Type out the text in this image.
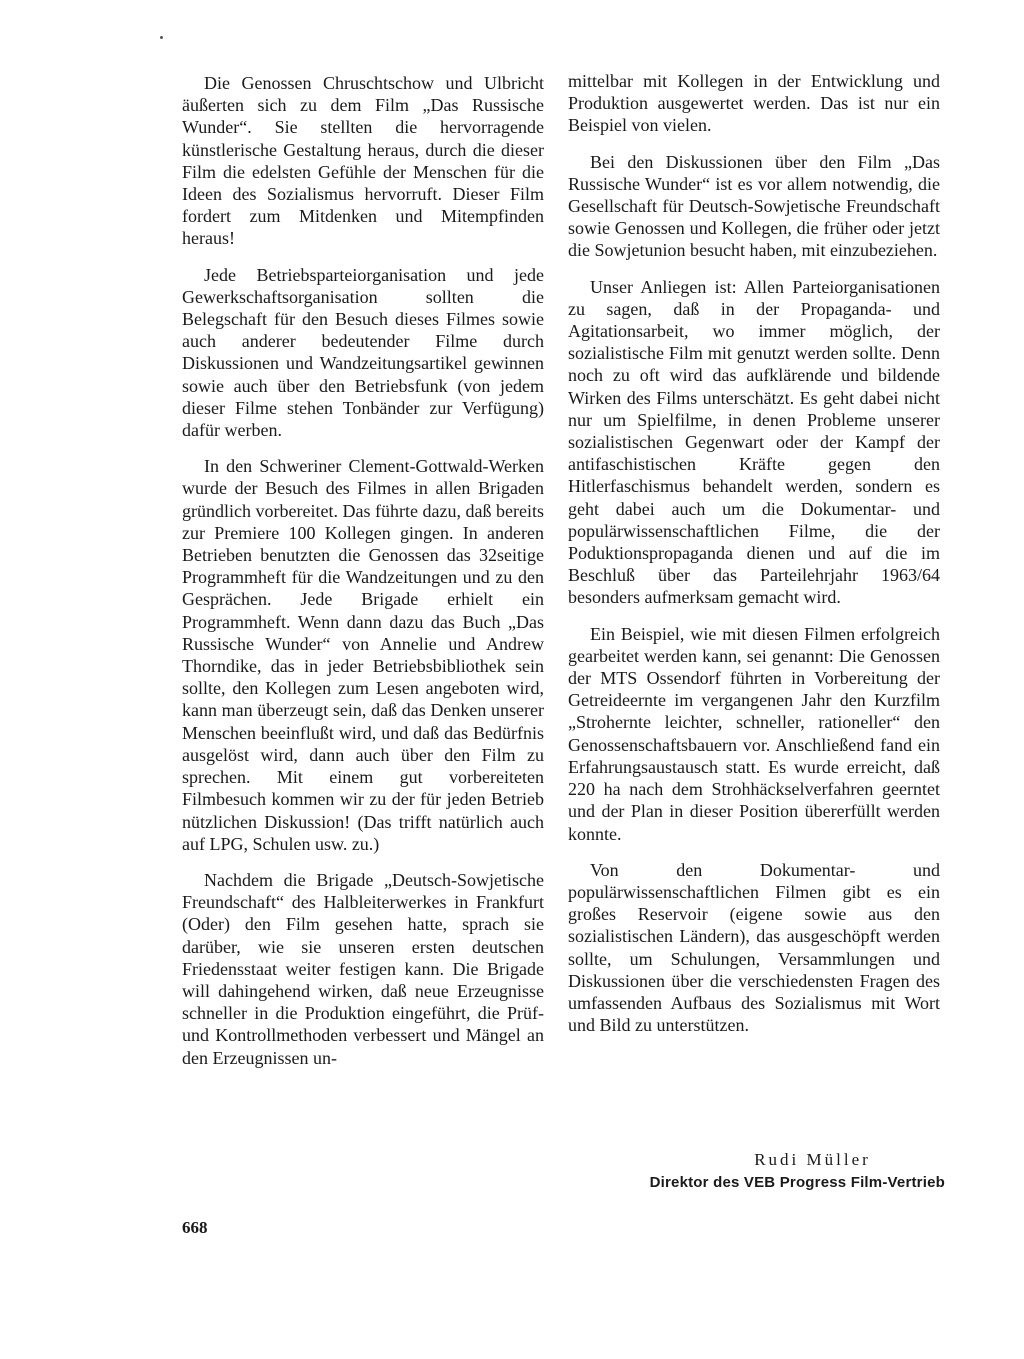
Die Genossen Chruschtschow und Ulbricht äußerten sich zu dem Film „Das Russische Wunder“. Sie stellten die hervorragende künstlerische Gestaltung heraus, durch die dieser Film die edelsten Gefühle der Menschen für die Ideen des Sozialismus hervorruft. Dieser Film fordert zum Mitdenken und Mitempfinden heraus!

Jede Betriebsparteiorganisation und jede Gewerkschaftsorganisation sollten die Belegschaft für den Besuch dieses Filmes sowie auch anderer bedeutender Filme durch Diskussionen und Wandzeitungsartikel gewinnen sowie auch über den Betriebsfunk (von jedem dieser Filme stehen Tonbänder zur Verfügung) dafür werben.

In den Schweriner Clement-Gottwald-Werken wurde der Besuch des Filmes in allen Brigaden gründlich vorbereitet. Das führte dazu, daß bereits zur Premiere 100 Kollegen gingen. In anderen Betrieben benutzten die Genossen das 32seitige Programmheft für die Wandzeitungen und zu den Gesprächen. Jede Brigade erhielt ein Programmheft. Wenn dann dazu das Buch „Das Russische Wunder“ von Annelie und Andrew Thorndike, das in jeder Betriebsbibliothek sein sollte, den Kollegen zum Lesen angeboten wird, kann man überzeugt sein, daß das Denken unserer Menschen beeinflußt wird, und daß das Bedürfnis ausgelöst wird, dann auch über den Film zu sprechen. Mit einem gut vorbereiteten Filmbesuch kommen wir zu der für jeden Betrieb nützlichen Diskussion! (Das trifft natürlich auch auf LPG, Schulen usw. zu.)

Nachdem die Brigade „Deutsch-Sowjetische Freundschaft“ des Halbleiterwerkes in Frankfurt (Oder) den Film gesehen hatte, sprach sie darüber, wie sie unseren ersten deutschen Friedensstaat weiter festigen kann. Die Brigade will dahingehend wirken, daß neue Erzeugnisse schneller in die Produktion eingeführt, die Prüf- und Kontrollmethoden verbessert und Mängel an den Erzeugnissen un-

mittelbar mit Kollegen in der Entwicklung und Produktion ausgewertet werden. Das ist nur ein Beispiel von vielen.

Bei den Diskussionen über den Film „Das Russische Wunder“ ist es vor allem notwendig, die Gesellschaft für Deutsch-Sowjetische Freundschaft sowie Genossen und Kollegen, die früher oder jetzt die Sowjetunion besucht haben, mit einzubeziehen.

Unser Anliegen ist: Allen Parteiorganisationen zu sagen, daß in der Propaganda- und Agitationsarbeit, wo immer möglich, der sozialistische Film mit genutzt werden sollte. Denn noch zu oft wird das aufklärende und bildende Wirken des Films unterschätzt. Es geht dabei nicht nur um Spielfilme, in denen Probleme unserer sozialistischen Gegenwart oder der Kampf der antifaschistischen Kräfte gegen den Hitlerfaschismus behandelt werden, sondern es geht dabei auch um die Dokumentar- und populärwissenschaftlichen Filme, die der Poduktionspropaganda dienen und auf die im Beschluß über das Parteilehrjahr 1963/64 besonders aufmerksam gemacht wird.

Ein Beispiel, wie mit diesen Filmen erfolgreich gearbeitet werden kann, sei genannt: Die Genossen der MTS Ossendorf führten in Vorbereitung der Getreideernte im vergangenen Jahr den Kurzfilm „Strohernte leichter, schneller, rationeller“ den Genossenschaftsbauern vor. Anschließend fand ein Erfahrungsaustausch statt. Es wurde erreicht, daß 220 ha nach dem Strohhäckselverfahren geerntet und der Plan in dieser Position übererfüllt werden konnte.

Von den Dokumentar- und populärwissenschaftlichen Filmen gibt es ein großes Reservoir (eigene sowie aus den sozialistischen Ländern), das ausgeschöpft werden sollte, um Schulungen, Versammlungen und Diskussionen über die verschiedensten Fragen des umfassenden Aufbaus des Sozialismus mit Wort und Bild zu unterstützen.

Rudi Müller
Direktor des VEB Progress Film-Vertrieb
668
